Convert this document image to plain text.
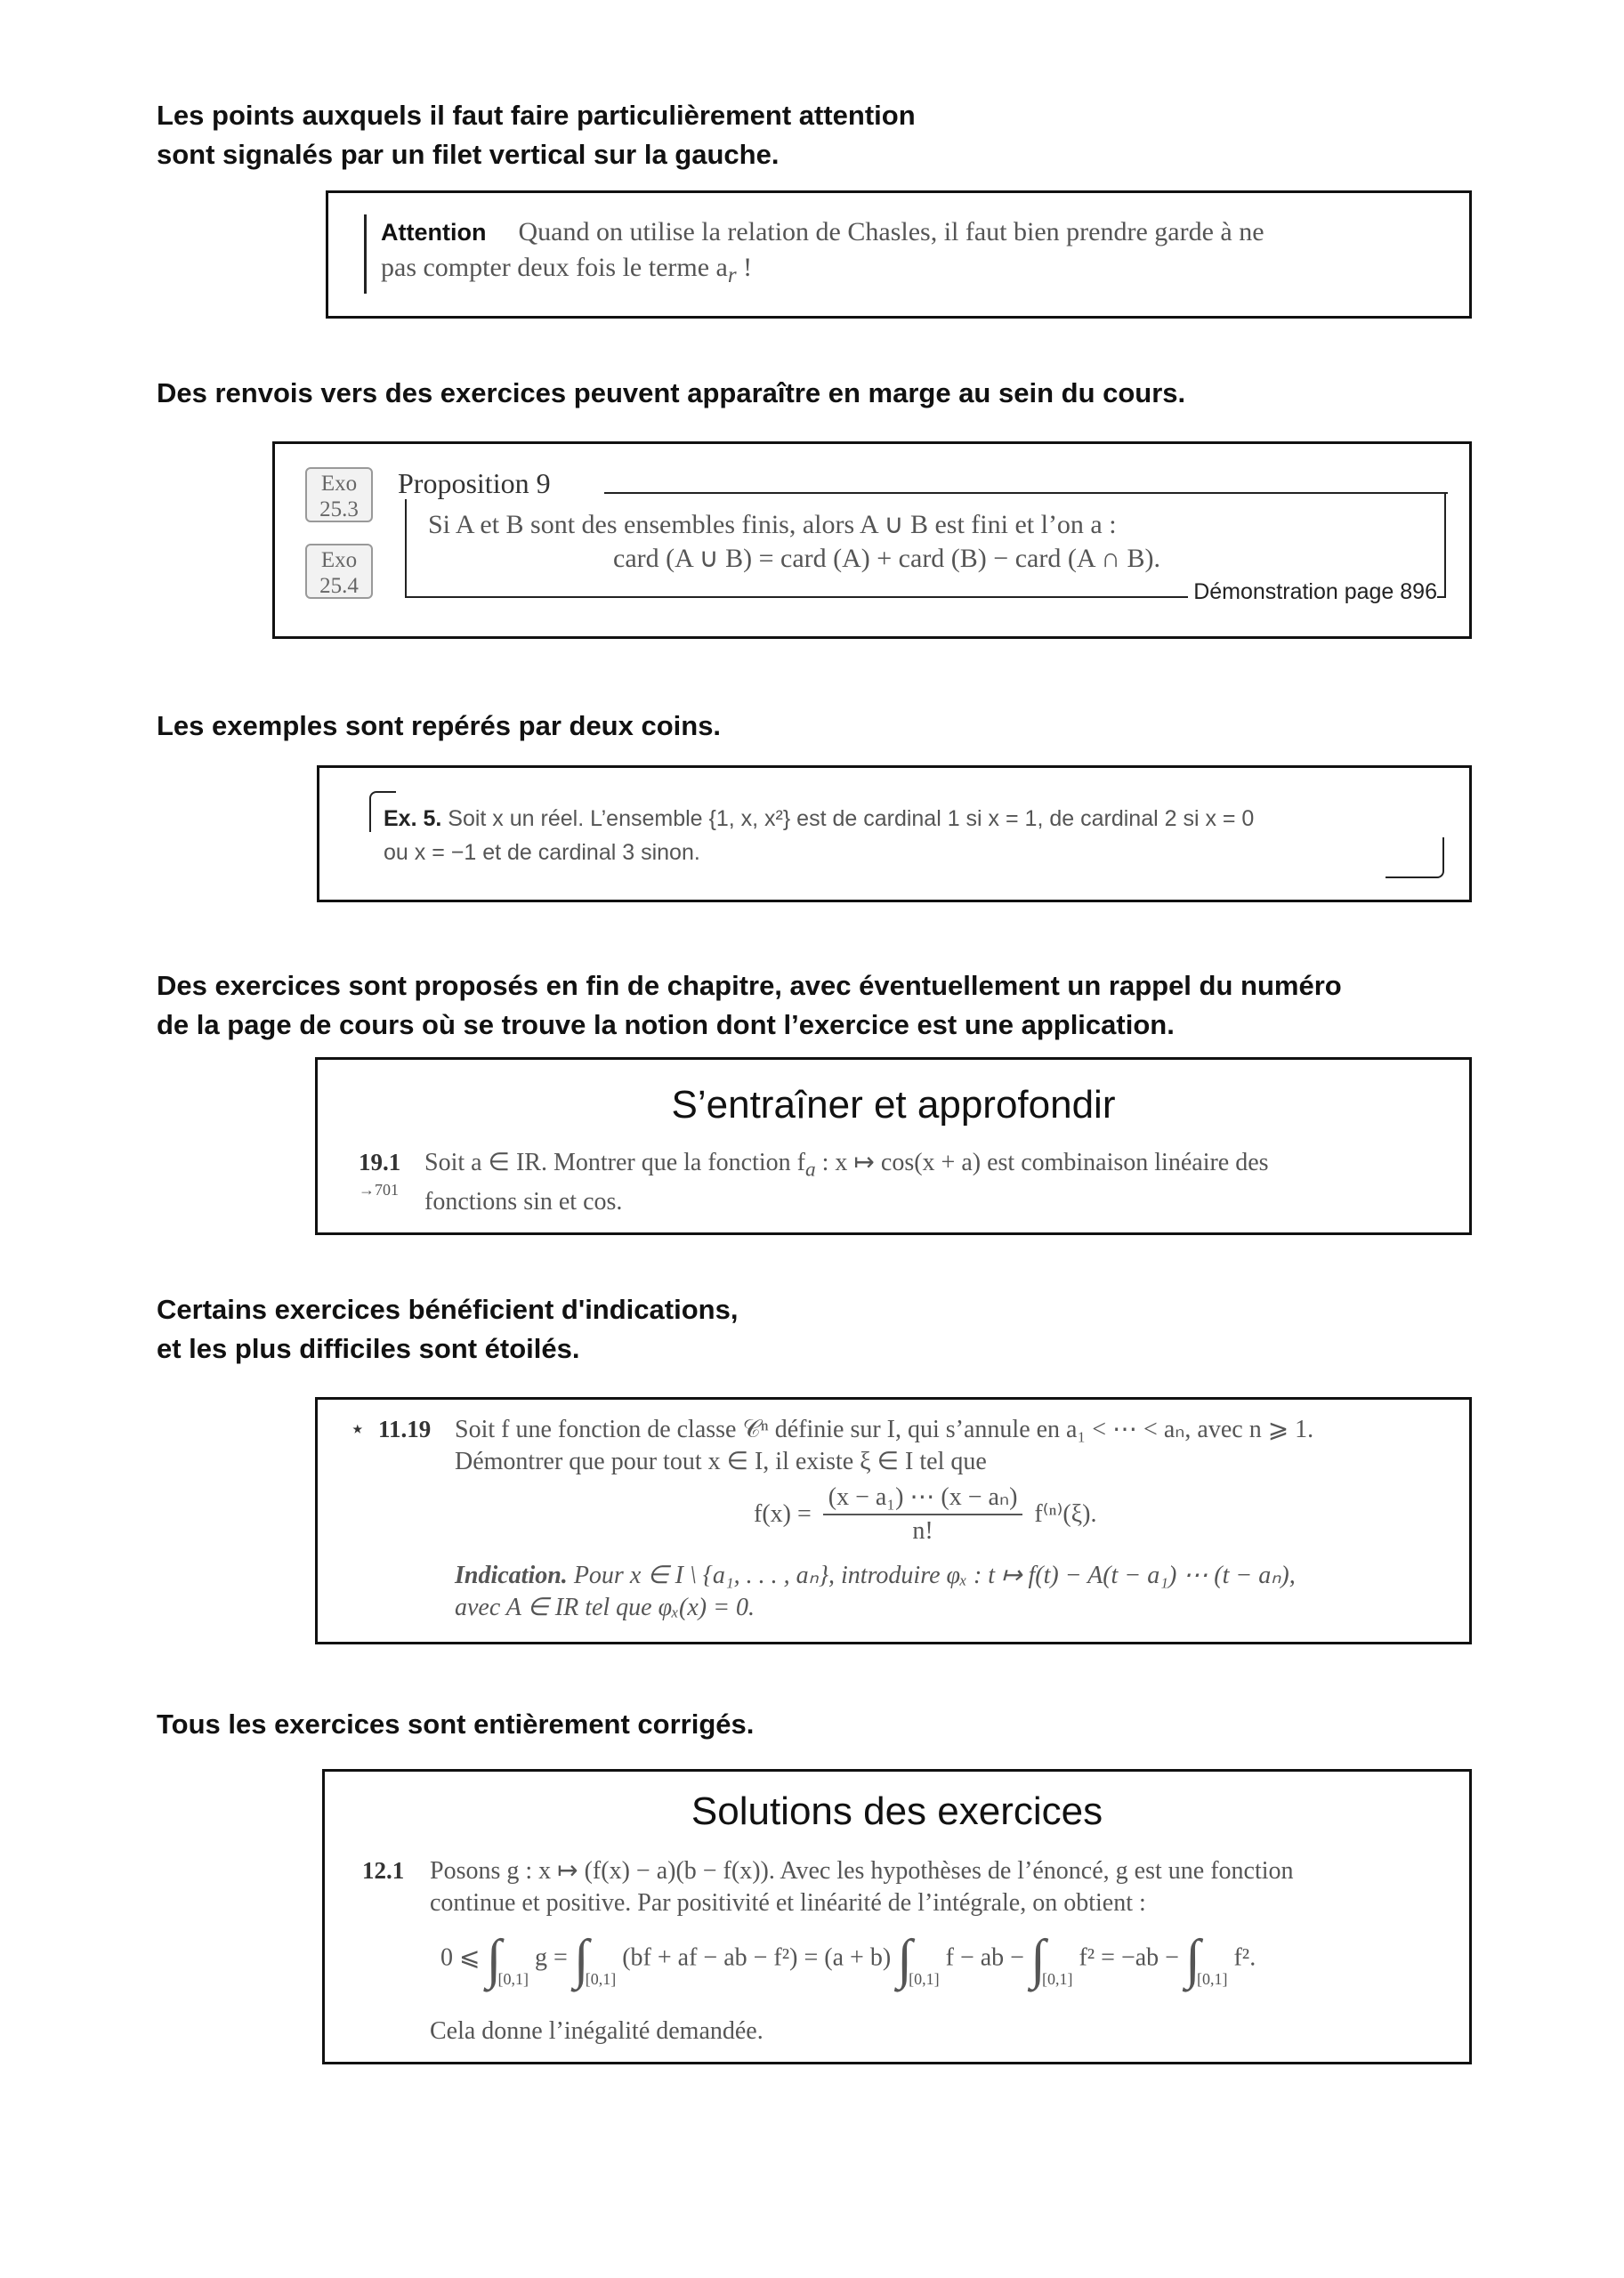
Les points auxquels il faut faire particulièrement attention
sont signalés par un filet vertical sur la gauche.
Attention Quand on utilise la relation de Chasles, il faut bien prendre garde à ne
pas compter deux fois le terme $a_r$ !
Des renvois vers des exercices peuvent apparaître en marge au sein du cours.
Exo
25.3
Exo
25.4
Proposition 9
Si A et B sont des ensembles finis, alors A ∪ B est fini et l’on a :
card (A ∪ B) = card (A) + card (B) − card (A ∩ B).
Démonstration page 896
Les exemples sont repérés par deux coins.
Ex. 5. Soit x un réel. L’ensemble {1, x, x²} est de cardinal 1 si x = 1, de cardinal 2 si x = 0
ou x = −1 et de cardinal 3 sinon.
Des exercices sont proposés en fin de chapitre, avec éventuellement un rappel du numéro
de la page de cours où se trouve la notion dont l’exercice est une application.
S’entraîner et approfondir
19.1
→701
Soit a ∈ IR. Montrer que la fonction $f_a$ : x ↦ cos(x + a) est combinaison linéaire des
fonctions sin et cos.
Certains exercices bénéficient d'indications,
et les plus difficiles sont étoilés.
⋆ 11.19 Soit f une fonction de classe 𝒞ⁿ définie sur I, qui s’annule en a₁ < ⋯ < aₙ, avec n ⩾ 1.
Démontrer que pour tout x ∈ I, il existe ξ ∈ I tel que
$f(x) = \frac{\text{(x − a₁) ⋯ (x − aₙ)}}{n!} f^{(n)}(\xi)$.
Indication. Pour x ∈ I \ {a₁, . . . , aₙ}, introduire φₓ : t ↦ f(t) − A(t − a₁) ⋯ (t − aₙ),
avec A ∈ IR tel que φₓ(x) = 0.
Tous les exercices sont entièrement corrigés.
Solutions des exercices
12.1 Posons g : x ↦ (f(x) − a)(b − f(x)). Avec les hypothèses de l’énoncé, g est une fonction
continue et positive. Par positivité et linéarité de l’intégrale, on obtient :
0 ⩽ $\int_{[0,1]}$ $g = \int_{[0,1]}$ (bf + af − ab − f²) = (a + b) $\int_{[0,1]}$ f − ab − $\int_{[0,1]}$ $f^2 = -ab - \int_{[0,1]}$ f².
Cela donne l’inégalité demandée.
